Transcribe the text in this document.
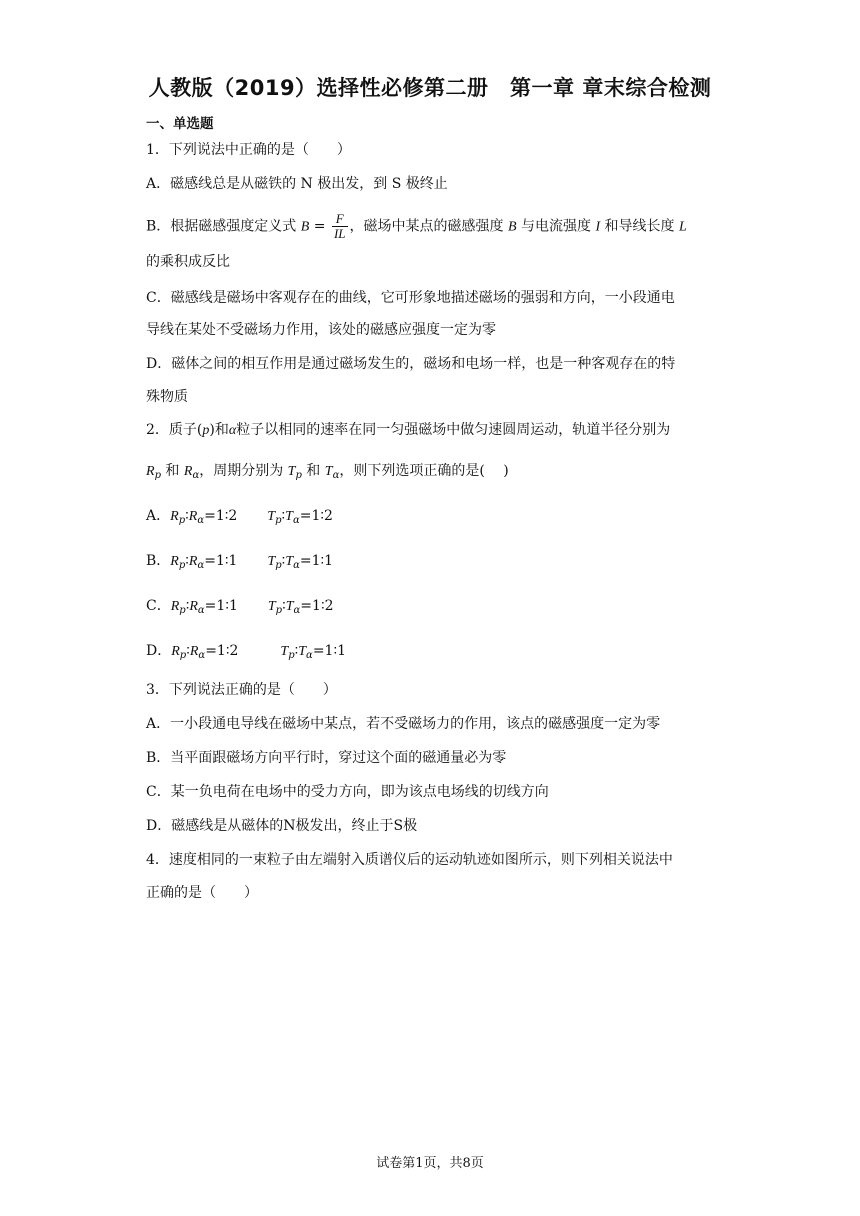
人教版（2019）选择性必修第二册　第一章 章末综合检测
一、单选题
1．下列说法中正确的是（　　）
A．磁感线总是从磁铁的 N 极出发，到 S 极终止
B．根据磁感强度定义式 $B = \frac{F}{IL}$ ，磁场中某点的磁感强度 B 与电流强度 I 和导线长度 L
的乘积成反比
C．磁感线是磁场中客观存在的曲线，它可形象地描述磁场的强弱和方向，一小段通电
导线在某处不受磁场力作用，该处的磁感应强度一定为零
D．磁体之间的相互作用是通过磁场发生的，磁场和电场一样，也是一种客观存在的特
殊物质
2．质子(p)和α粒子以相同的速率在同一匀强磁场中做匀速圆周运动，轨道半径分别为
$R_p$ 和 $R_\alpha$，周期分别为 $T_p$ 和 $T_\alpha$，则下列选项正确的是(　 )
A．$R_p∶R_\alpha=1∶2$ $T_p∶T_\alpha=1∶2$
B．$R_p∶R_\alpha=1∶1$ $T_p∶T_\alpha=1∶1$
C．$R_p∶R_\alpha=1∶1$ $T_p∶T_\alpha=1∶2$
D．$R_p∶R_\alpha=1∶2$	$T_p∶T_\alpha=1∶1$
3．下列说法正确的是（　　）
A．一小段通电导线在磁场中某点，若不受磁场力的作用，该点的磁感强度一定为零
B．当平面跟磁场方向平行时，穿过这个面的磁通量必为零
C．某一负电荷在电场中的受力方向，即为该点电场线的切线方向
D．磁感线是从磁体的N极发出，终止于S极
4．速度相同的一束粒子由左端射入质谱仪后的运动轨迹如图所示，则下列相关说法中
正确的是（　　）
试卷第1页，共8页
